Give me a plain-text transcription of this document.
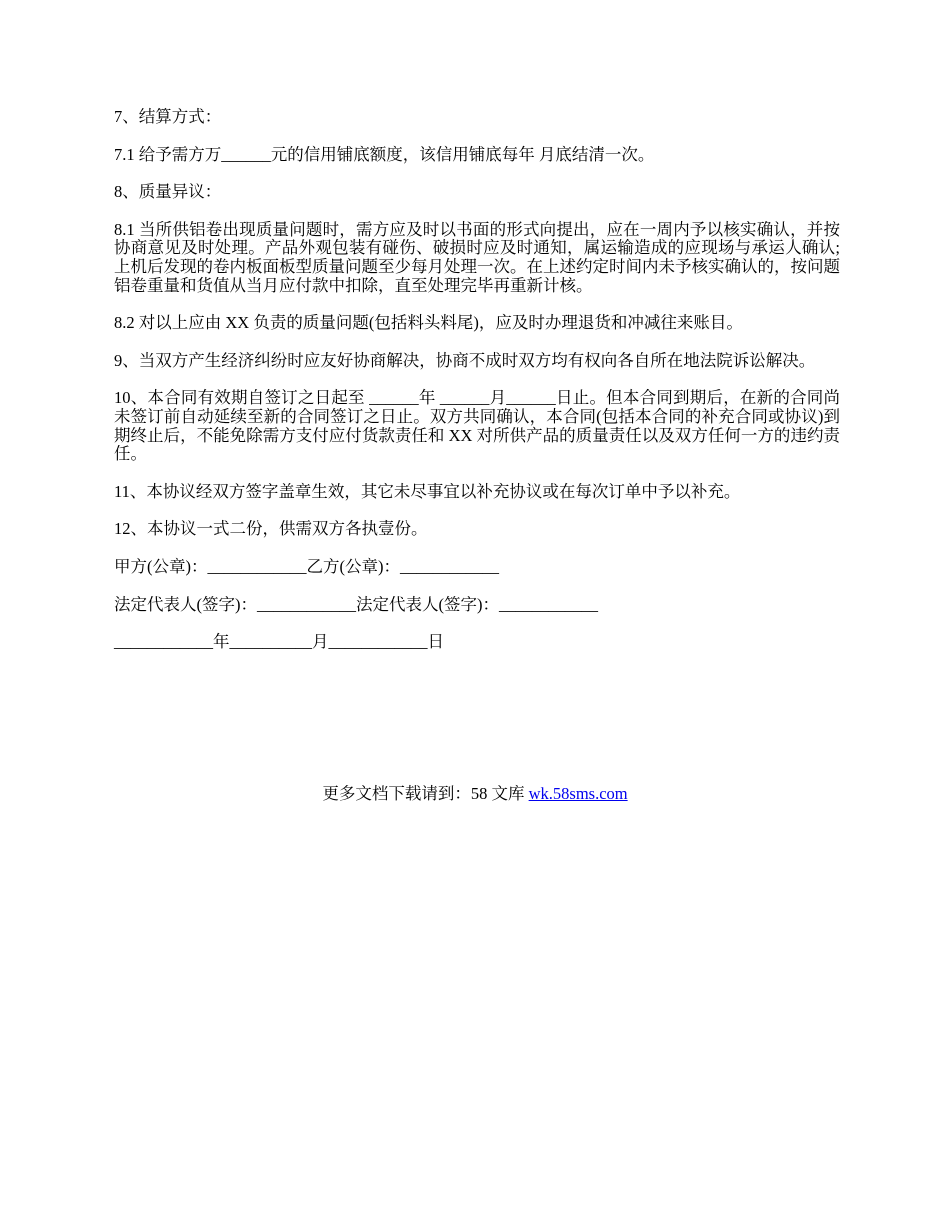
7、结算方式：

7.1 给予需方万______元的信用铺底额度，该信用铺底每年 月底结清一次。

8、质量异议：

8.1 当所供铝卷出现质量问题时，需方应及时以书面的形式向提出，应在一周内予以核实确认，并按协商意见及时处理。产品外观包装有碰伤、破损时应及时通知，属运输造成的应现场与承运人确认;上机后发现的卷内板面板型质量问题至少每月处理一次。在上述约定时间内未予核实确认的，按问题铝卷重量和货值从当月应付款中扣除，直至处理完毕再重新计核。

8.2 对以上应由 XX 负责的质量问题(包括料头料尾)，应及时办理退货和冲减往来账目。

9、当双方产生经济纠纷时应友好协商解决，协商不成时双方均有权向各自所在地法院诉讼解决。

10、本合同有效期自签订之日起至 ______年 ______月______日止。但本合同到期后，在新的合同尚未签订前自动延续至新的合同签订之日止。双方共同确认，本合同(包括本合同的补充合同或协议)到期终止后，不能免除需方支付应付货款责任和 XX 对所供产品的质量责任以及双方任何一方的违约责任。

11、本协议经双方签字盖章生效，其它未尽事宜以补充协议或在每次订单中予以补充。

12、本协议一式二份，供需双方各执壹份。

甲方(公章)：____________乙方(公章)：____________

法定代表人(签字)：____________法定代表人(签字)：____________

____________年__________月____________日

更多文档下载请到：58 文库 wk.58sms.com
